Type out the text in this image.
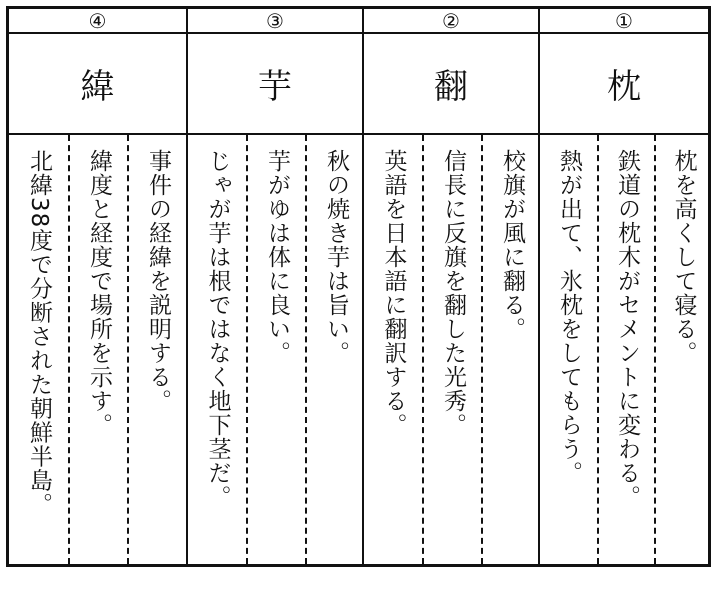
④
緯
北緯38度で分断された朝鮮半島。 緯度と経度で場所を示す。 事件の経緯を説明する。
③
芋
じゃが芋は根ではなく地下茎だ。 芋がゆは体に良い。 秋の焼き芋は旨い。
②
翻
英語を日本語に翻訳する。 信長に反旗を翻した光秀。 校旗が風に翻る。
①
枕
熱が出て、氷枕をしてもらう。 鉄道の枕木がセメントに変わる。 枕を高くして寝る。
